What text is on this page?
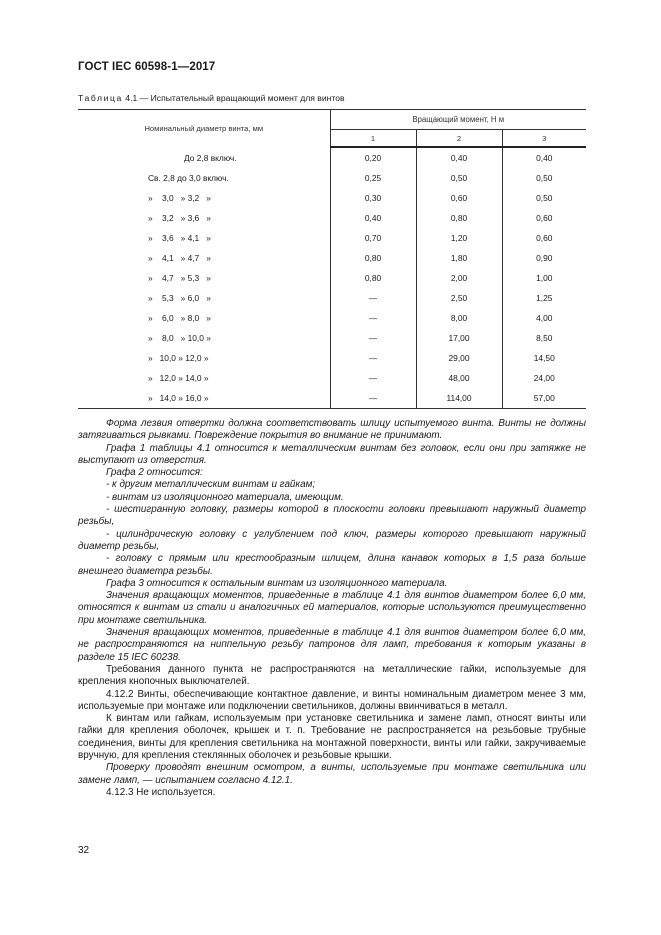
ГОСТ IEC 60598-1—2017
Таблица 4.1 — Испытательный вращающий момент для винтов
Номинальный диаметр винта, мм	Вращающий момент, Н м		
	1	2	3
До 2,8 включ.	0,20	0,40	0,40
Св. 2,8 до 3,0 включ.	0,25	0,50	0,50
»    3,0   » 3,2   »	0,30	0,60	0,50
»    3,2   » 3,6   »	0,40	0,80	0,60
»    3,6   » 4,1   »	0,70	1,20	0,60
»    4,1   » 4,7   »	0,80	1,80	0,90
»    4,7   » 5,3   »	0,80	2,00	1,00
»    5,3   » 6,0   »	—	2,50	1,25
»    6,0   » 8,0   »	—	8,00	4,00
»    8,0   » 10,0 »	—	17,00	8,50
»   10,0 » 12,0 »	—	29,00	14,50
»   12,0 » 14,0 »	—	48,00	24,00
»   14,0 » 16,0 »	—	114,00	57,00

Форма лезвия отвертки должна соответствовать шлицу испытуемого винта. Винты не должны затягиваться рывками. Повреждение покрытия во внимание не принимают.

Графа 1 таблицы 4.1 относится к металлическим винтам без головок, если они при затяжке не выступают из отверстия.

Графа 2 относится:

- к другим металлическим винтам и гайкам;

- винтам из изоляционного материала, имеющим.

- шестигранную головку, размеры которой в плоскости головки превышают наружный диаметр резьбы,

- цилиндрическую головку с углублением под ключ, размеры которого превышают наружный диаметр резьбы,

- головку с прямым или крестообразным шлицем, длина канавок которых в 1,5 раза больше внешнего диаметра резьбы.

Графа 3 относится к остальным винтам из изоляционного материала.

Значения вращающих моментов, приведенные в таблице 4.1 для винтов диаметром более 6,0 мм, относятся к винтам из стали и аналогичных ей материалов, которые используются преимущественно при монтаже светильника.

Значения вращающих моментов, приведенные в таблице 4.1 для винтов диаметром более 6,0 мм, не распространяются на ниппельную резьбу патронов для ламп, требования к которым указаны в разделе 15 IEC 60238.

Требования данного пункта не распространяются на металлические гайки, используемые для крепления кнопочных выключателей.

4.12.2 Винты, обеспечивающие контактное давление, и винты номинальным диаметром менее 3 мм, используемые при монтаже или подключении светильников, должны ввинчиваться в металл.

К винтам или гайкам, используемым при установке светильника и замене ламп, относят винты или гайки для крепления оболочек, крышек и т. п. Требование не распространяется на резьбовые трубные соединения, винты для крепления светильника на монтажной поверхности, винты или гайки, закручиваемые вручную, для крепления стеклянных оболочек и резьбовые крышки.

Проверку проводят внешним осмотром, а винты, используемые при монтаже светильника или замене ламп, — испытанием согласно 4.12.1.

4.12.3 Не используется.

32
